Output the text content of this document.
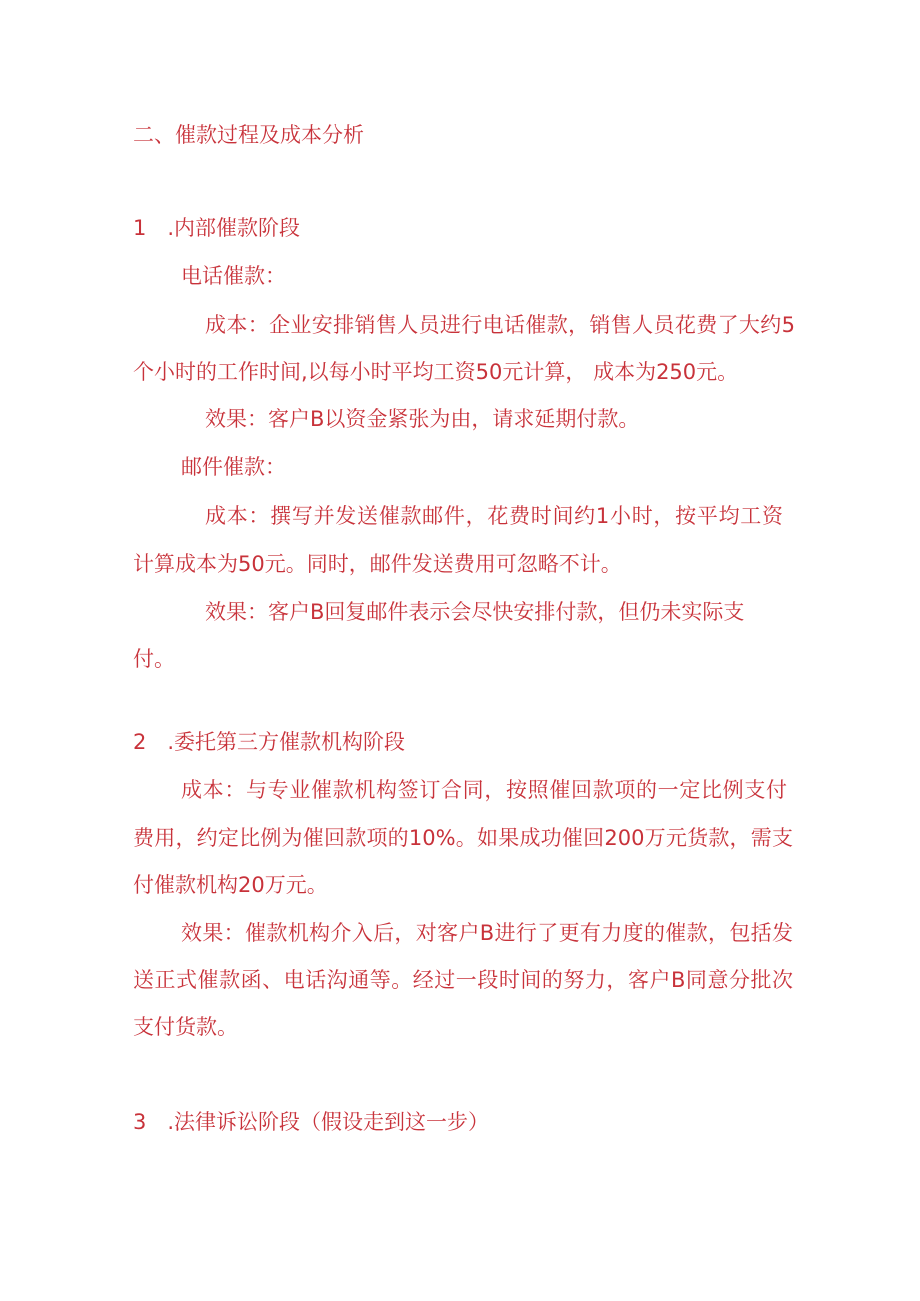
二、催款过程及成本分析
1　.内部催款阶段
电话催款：
成本：企业安排销售人员进行电话催款，销售人员花费了大约5
个小时的工作时间,以每小时平均工资50元计算， 成本为250元。
效果：客户B以资金紧张为由，请求延期付款。
邮件催款：
成本：撰写并发送催款邮件，花费时间约1小时，按平均工资
计算成本为50元。同时，邮件发送费用可忽略不计。
效果：客户B回复邮件表示会尽快安排付款，但仍未实际支
付。
2　.委托第三方催款机构阶段
成本：与专业催款机构签订合同，按照催回款项的一定比例支付
费用，约定比例为催回款项的10%。如果成功催回200万元货款，需支
付催款机构20万元。
效果：催款机构介入后，对客户B进行了更有力度的催款，包括发
送正式催款函、电话沟通等。经过一段时间的努力，客户B同意分批次
支付货款。
3　.法律诉讼阶段（假设走到这一步）
